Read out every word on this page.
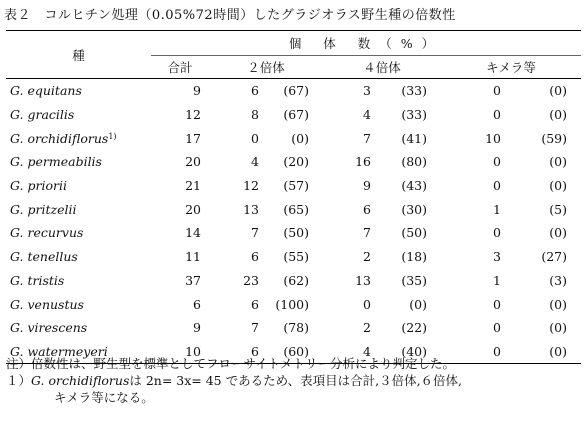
表２　コルヒチン処理（0.05%72時間）したグラジオラス野生種の倍数性
種	個 体 数（%）						
	合計	２倍体		４倍体		キメラ等	
G. equitans	9	6	(67)	3	(33)	0	(0)
G. gracilis	12	8	(67)	4	(33)	0	(0)
G. orchidiflorus$^{1)}$	17	0	(0)	7	(41)	10	(59)
G. permeabilis	20	4	(20)	16	(80)	0	(0)
G. priorii	21	12	(57)	9	(43)	0	(0)
G. pritzelii	20	13	(65)	6	(30)	1	(5)
G. recurvus	14	7	(50)	7	(50)	0	(0)
G. tenellus	11	6	(55)	2	(18)	3	(27)
G. tristis	37	23	(62)	13	(35)	1	(3)
G. venustus	6	6	(100)	0	(0)	0	(0)
G. virescens	9	7	(78)	2	(22)	0	(0)
G. watermeyeri	10	6	(60)	4	(40)	0	(0)
注）倍数性は、野生型を標準としてフローサイトメトリー分析により判定した。
１）G. orchidiflorusは 2n= 3x= 45 であるため、表項目は合計,３倍体,６倍体,
キメラ等になる。
